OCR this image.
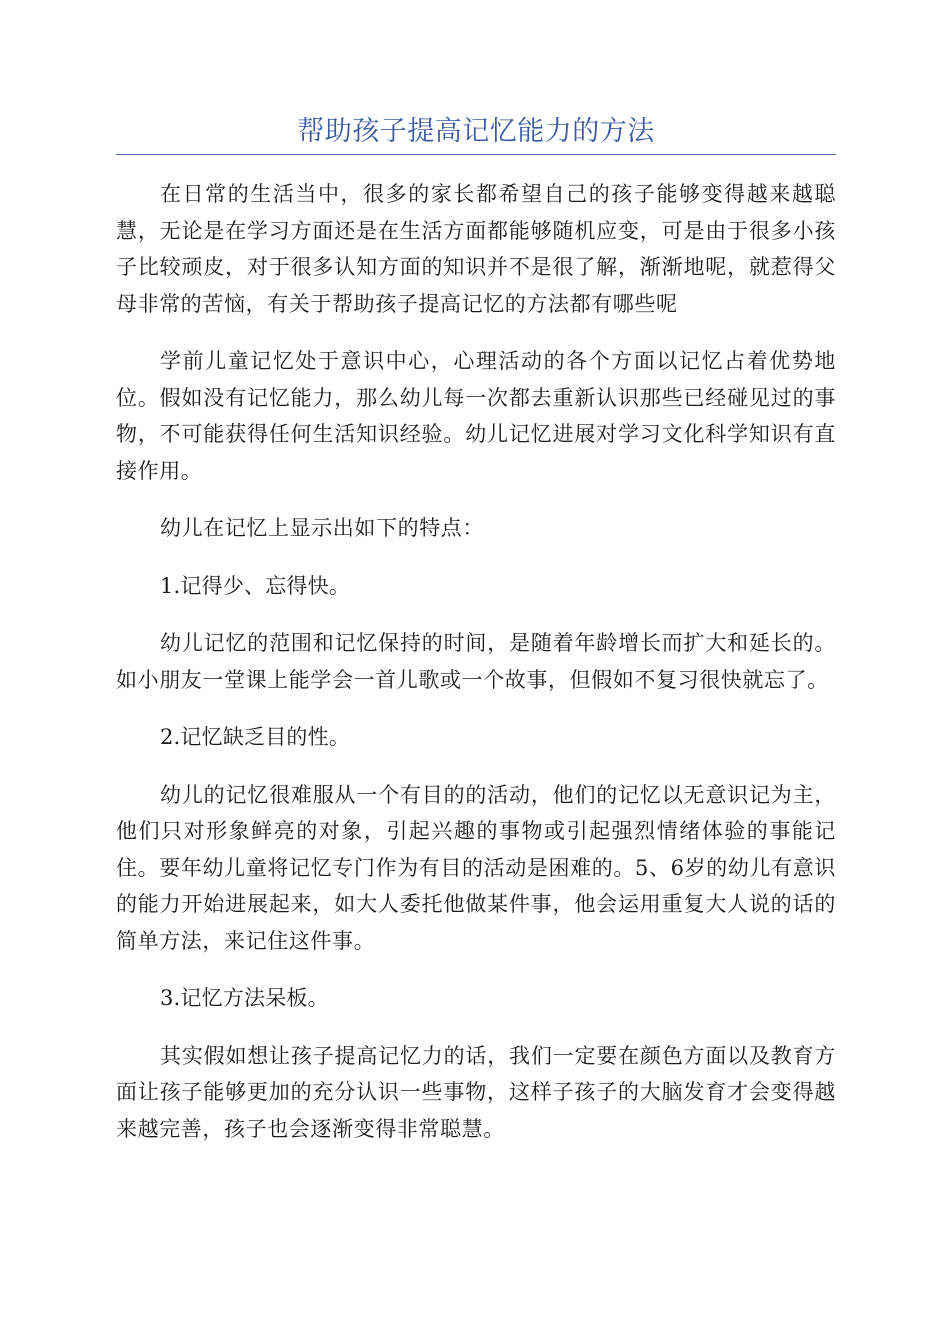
帮助孩子提高记忆能力的方法

在日常的生活当中，很多的家长都希望自己的孩子能够变得越来越聪慧，无论是在学习方面还是在生活方面都能够随机应变，可是由于很多小孩子比较顽皮，对于很多认知方面的知识并不是很了解，渐渐地呢，就惹得父母非常的苦恼，有关于帮助孩子提高记忆的方法都有哪些呢

学前儿童记忆处于意识中心，心理活动的各个方面以记忆占着优势地位。假如没有记忆能力，那么幼儿每一次都去重新认识那些已经碰见过的事物，不可能获得任何生活知识经验。幼儿记忆进展对学习文化科学知识有直接作用。

幼儿在记忆上显示出如下的特点：

1.记得少、忘得快。

幼儿记忆的范围和记忆保持的时间，是随着年龄增长而扩大和延长的。如小朋友一堂课上能学会一首儿歌或一个故事，但假如不复习很快就忘了。

2.记忆缺乏目的性。

幼儿的记忆很难服从一个有目的的活动，他们的记忆以无意识记为主，他们只对形象鲜亮的对象，引起兴趣的事物或引起强烈情绪体验的事能记住。要年幼儿童将记忆专门作为有目的活动是困难的。5、6岁的幼儿有意识的能力开始进展起来，如大人委托他做某件事，他会运用重复大人说的话的简单方法，来记住这件事。

3.记忆方法呆板。

其实假如想让孩子提高记忆力的话，我们一定要在颜色方面以及教育方面让孩子能够更加的充分认识一些事物，这样子孩子的大脑发育才会变得越来越完善，孩子也会逐渐变得非常聪慧。
